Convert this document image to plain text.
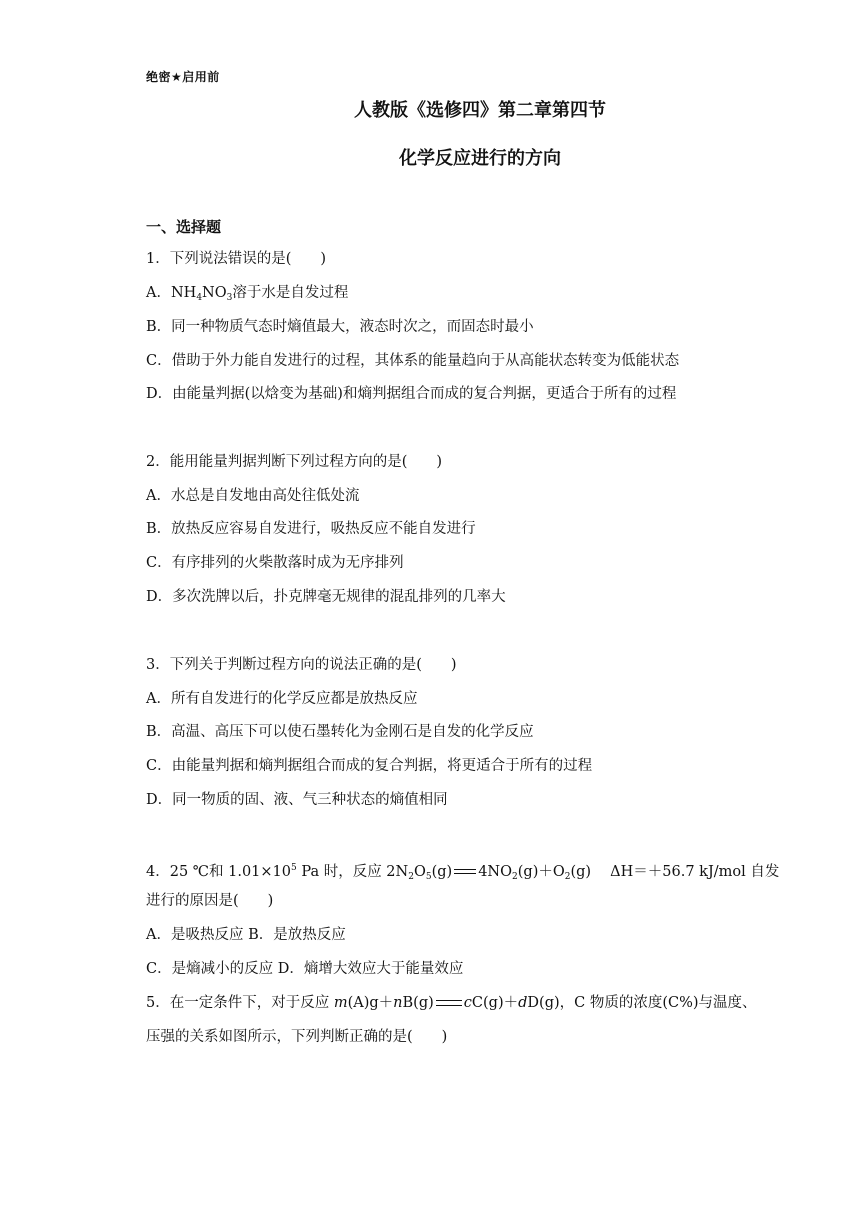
绝密★启用前
人教版《选修四》第二章第四节
化学反应进行的方向
一、选择题
1．下列说法错误的是(　　)
A．$NH_4NO_3$溶于水是自发过程
B．同一种物质气态时熵值最大，液态时次之，而固态时最小
C．借助于外力能自发进行的过程，其体系的能量趋向于从高能状态转变为低能状态
D．由能量判据(以焓变为基础)和熵判据组合而成的复合判据，更适合于所有的过程
2．能用能量判据判断下列过程方向的是(　　)
A．水总是自发地由高处往低处流
B．放热反应容易自发进行，吸热反应不能自发进行
C．有序排列的火柴散落时成为无序排列
D．多次洗牌以后，扑克牌毫无规律的混乱排列的几率大
3．下列关于判断过程方向的说法正确的是(　　)
A．所有自发进行的化学反应都是放热反应
B．高温、高压下可以使石墨转化为金刚石是自发的化学反应
C．由能量判据和熵判据组合而成的复合判据，将更适合于所有的过程
D．同一物质的固、液、气三种状态的熵值相同
4．25 ℃和 $1.01\times 10^5$ Pa 时，反应 $2N_2O_5(g)$ $4NO_2(g)+O_2(g)$　 ΔH＝＋56.7 kJ/mol 自发
进行的原因是(　　)
A．是吸热反应 B．是放热反应
C．是熵减小的反应 D．熵增大效应大于能量效应
5．在一定条件下，对于反应 m(A)g＋nB(g) cC(g)＋dD(g)，C 物质的浓度(C%)与温度、
压强的关系如图所示，下列判断正确的是(　　)
